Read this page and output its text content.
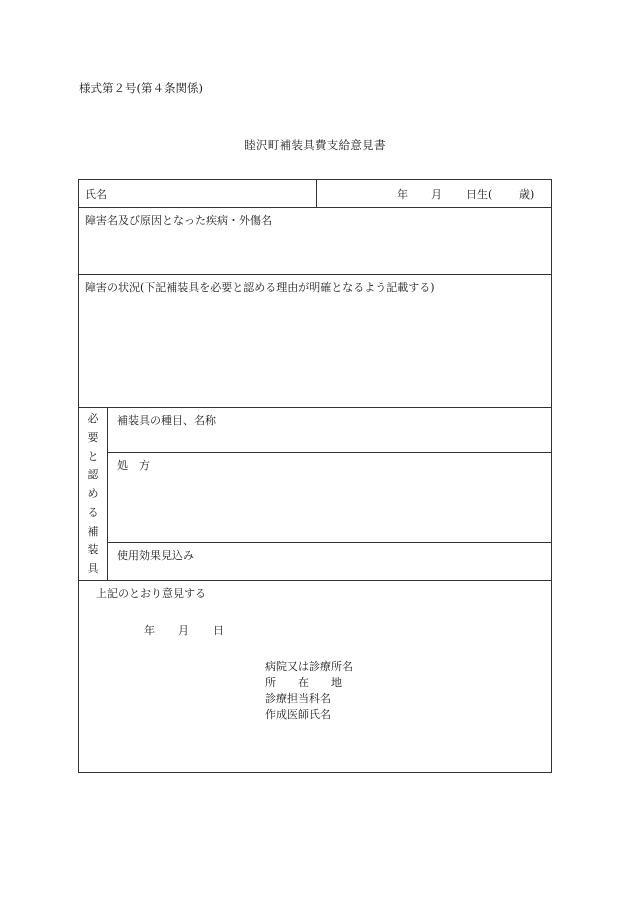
様式第２号(第４条関係)
睦沢町補装具費支給意見書
氏名	年 月 日生( 歳)
障害名及び原因となった疾病・外傷名
障害の状況(下記補装具を必要と認める理由が明確となるよう記載する)
必
要
と
認
め
る
補
装
具
補装具の種目、名称
処　方
使用効果見込み
上記のとおり意見する
年 月 日
病院又は診療所名
所　　在　　地
診療担当科名
作成医師氏名
